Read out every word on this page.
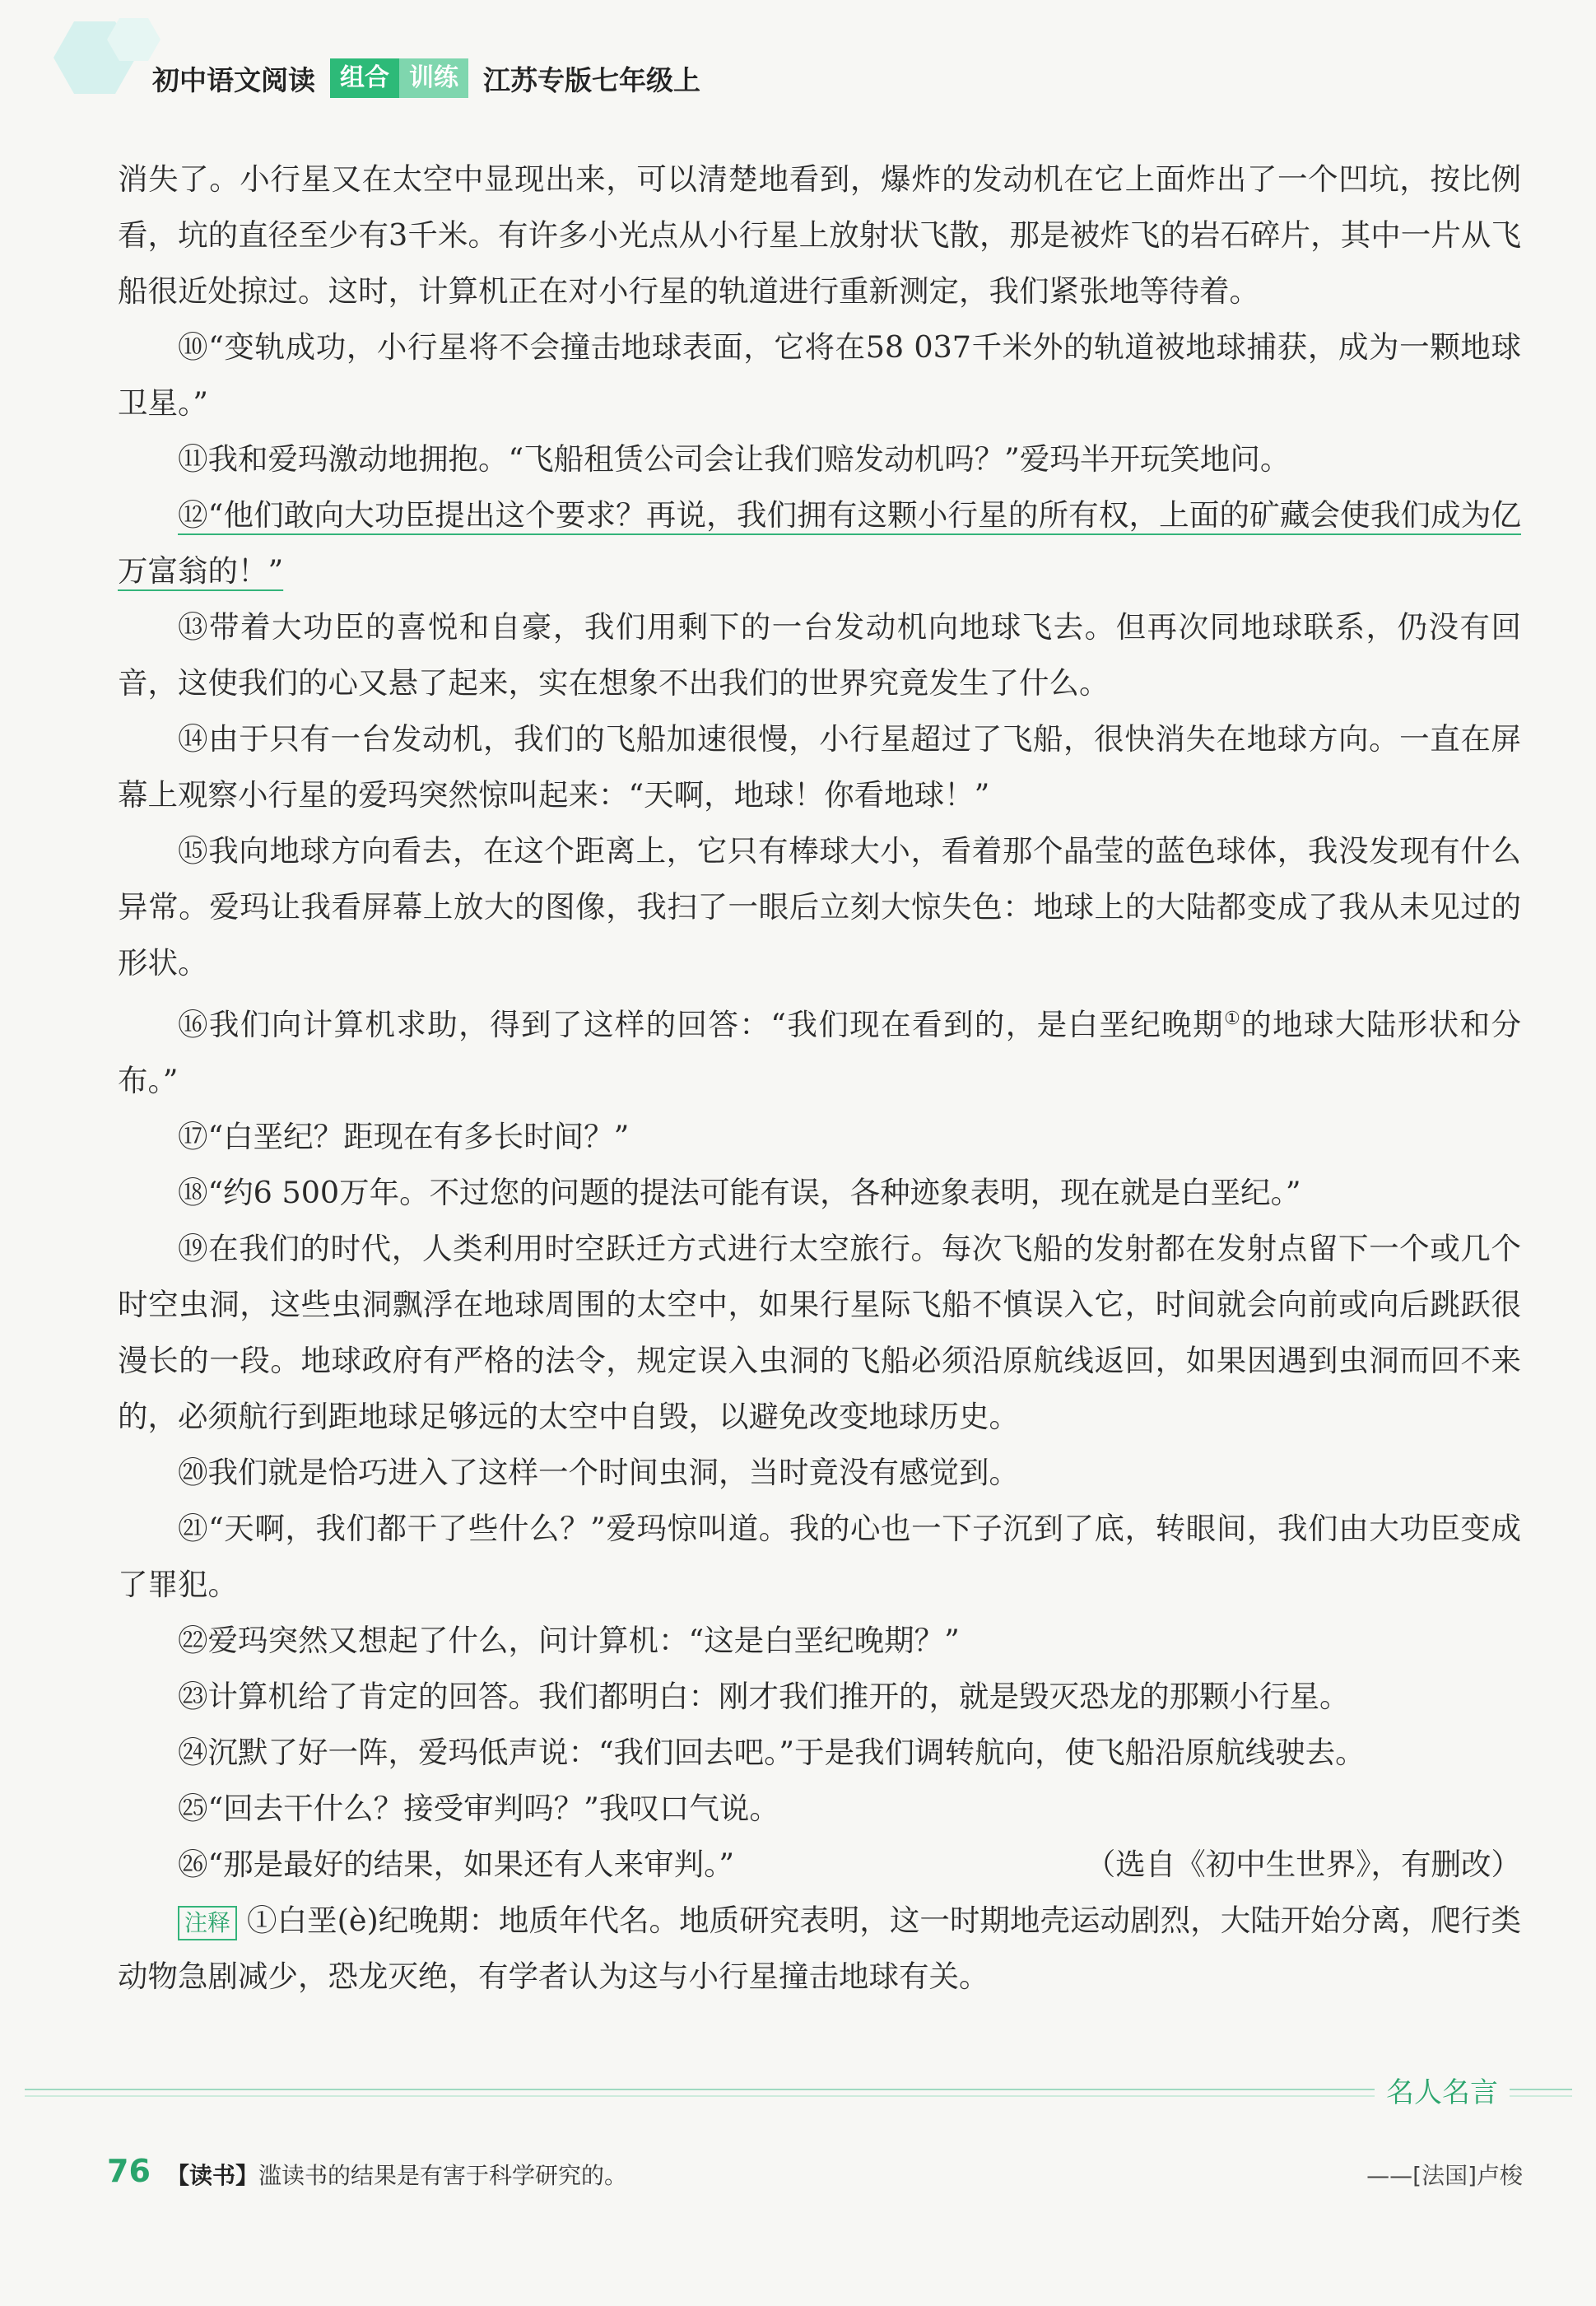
初中语文阅读	组合 训练 江苏专版七年级上

消失了。小行星又在太空中显现出来，可以清楚地看到，爆炸的发动机在它上面炸出了一个凹坑，按比例看，坑的直径至少有3千米。有许多小光点从小行星上放射状飞散，那是被炸飞的岩石碎片，其中一片从飞船很近处掠过。这时，计算机正在对小行星的轨道进行重新测定，我们紧张地等待着。

⑩“变轨成功，小行星将不会撞击地球表面，它将在58 037千米外的轨道被地球捕获，成为一颗地球卫星。”

⑪我和爱玛激动地拥抱。“飞船租赁公司会让我们赔发动机吗？”爱玛半开玩笑地问。

⑫“他们敢向大功臣提出这个要求？再说，我们拥有这颗小行星的所有权，上面的矿藏会使我们成为亿万富翁的！”

⑬带着大功臣的喜悦和自豪，我们用剩下的一台发动机向地球飞去。但再次同地球联系，仍没有回音，这使我们的心又悬了起来，实在想象不出我们的世界究竟发生了什么。

⑭由于只有一台发动机，我们的飞船加速很慢，小行星超过了飞船，很快消失在地球方向。一直在屏幕上观察小行星的爱玛突然惊叫起来：“天啊，地球！你看地球！”

⑮我向地球方向看去，在这个距离上，它只有棒球大小，看着那个晶莹的蓝色球体，我没发现有什么异常。爱玛让我看屏幕上放大的图像，我扫了一眼后立刻大惊失色：地球上的大陆都变成了我从未见过的形状。

⑯我们向计算机求助，得到了这样的回答：“我们现在看到的，是白垩纪晚期①的地球大陆形状和分布。”

⑰“白垩纪？距现在有多长时间？”

⑱“约6 500万年。不过您的问题的提法可能有误，各种迹象表明，现在就是白垩纪。”

⑲在我们的时代，人类利用时空跃迁方式进行太空旅行。每次飞船的发射都在发射点留下一个或几个时空虫洞，这些虫洞飘浮在地球周围的太空中，如果行星际飞船不慎误入它，时间就会向前或向后跳跃很漫长的一段。地球政府有严格的法令，规定误入虫洞的飞船必须沿原航线返回，如果因遇到虫洞而回不来的，必须航行到距地球足够远的太空中自毁，以避免改变地球历史。

⑳我们就是恰巧进入了这样一个时间虫洞，当时竟没有感觉到。

㉑“天啊，我们都干了些什么？”爱玛惊叫道。我的心也一下子沉到了底，转眼间，我们由大功臣变成了罪犯。

㉒爱玛突然又想起了什么，问计算机：“这是白垩纪晚期？”

㉓计算机给了肯定的回答。我们都明白：刚才我们推开的，就是毁灭恐龙的那颗小行星。

㉔沉默了好一阵，爱玛低声说：“我们回去吧。”于是我们调转航向，使飞船沿原航线驶去。

㉕“回去干什么？接受审判吗？”我叹口气说。

㉖“那是最好的结果，如果还有人来审判。”	（选自《初中生世界》，有删改）

注释 ①白垩(è)纪晚期：地质年代名。地质研究表明，这一时期地壳运动剧烈，大陆开始分离，爬行类动物急剧减少，恐龙灭绝，有学者认为这与小行星撞击地球有关。

名人名言
76 【读书】滥读书的结果是有害于科学研究的。	——[法国]卢梭
